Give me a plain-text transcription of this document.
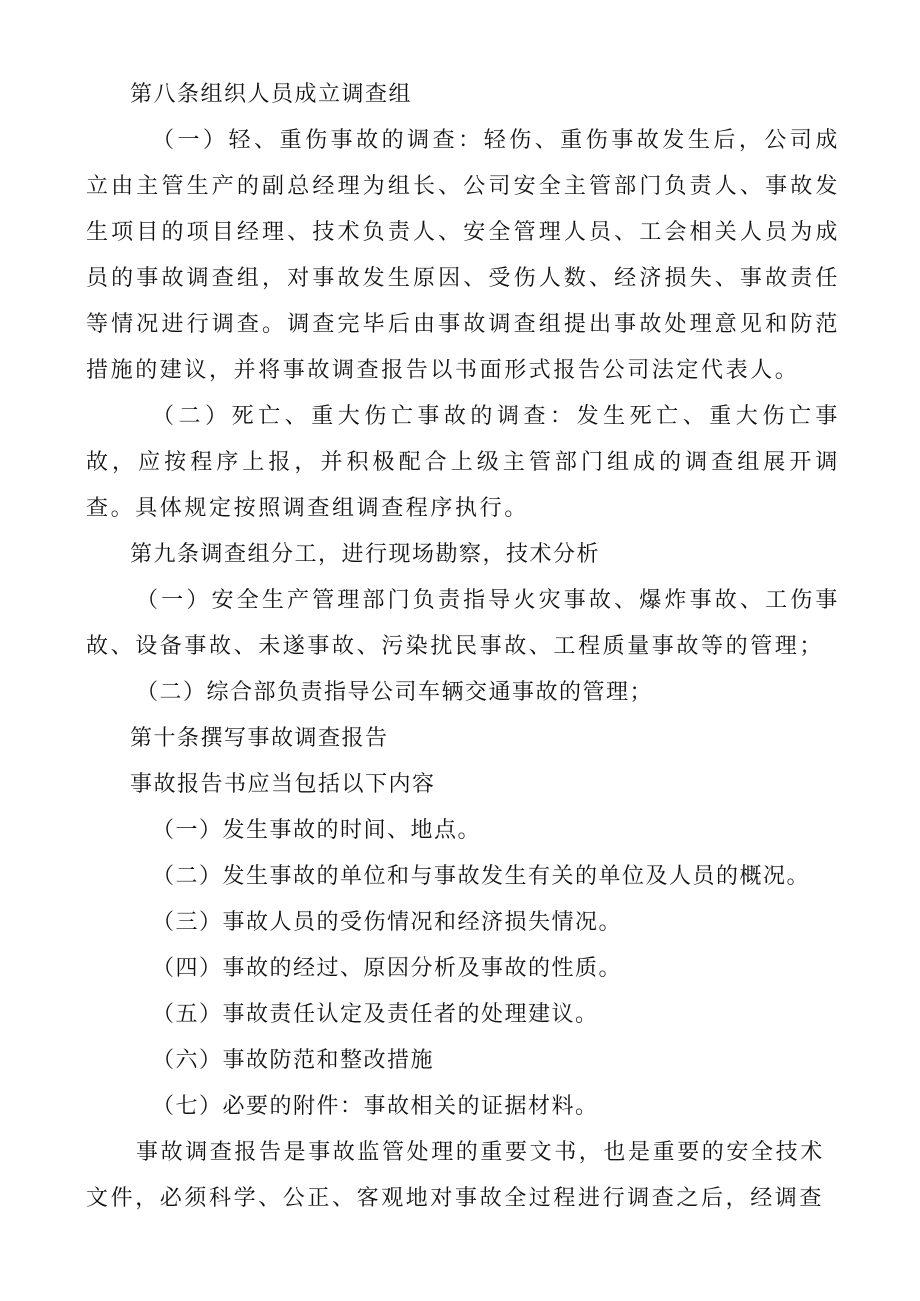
第八条组织人员成立调查组

（一）轻、重伤事故的调查：轻伤、重伤事故发生后，公司成立由主管生产的副总经理为组长、公司安全主管部门负责人、事故发生项目的项目经理、技术负责人、安全管理人员、工会相关人员为成员的事故调查组，对事故发生原因、受伤人数、经济损失、事故责任等情况进行调查。调查完毕后由事故调查组提出事故处理意见和防范措施的建议，并将事故调查报告以书面形式报告公司法定代表人。

（二）死亡、重大伤亡事故的调查：发生死亡、重大伤亡事故，应按程序上报，并积极配合上级主管部门组成的调查组展开调查。具体规定按照调查组调查程序执行。

第九条调查组分工，进行现场勘察，技术分析

（一）安全生产管理部门负责指导火灾事故、爆炸事故、工伤事故、设备事故、未遂事故、污染扰民事故、工程质量事故等的管理；

（二）综合部负责指导公司车辆交通事故的管理；
第十条撰写事故调查报告
事故报告书应当包括以下内容
（一）发生事故的时间、地点。
（二）发生事故的单位和与事故发生有关的单位及人员的概况。
（三）事故人员的受伤情况和经济损失情况。
（四）事故的经过、原因分析及事故的性质。
（五）事故责任认定及责任者的处理建议。
（六）事故防范和整改措施
（七）必要的附件：事故相关的证据材料。

事故调查报告是事故监管处理的重要文书，也是重要的安全技术文件，必须科学、公正、客观地对事故全过程进行调查之后，经调查
